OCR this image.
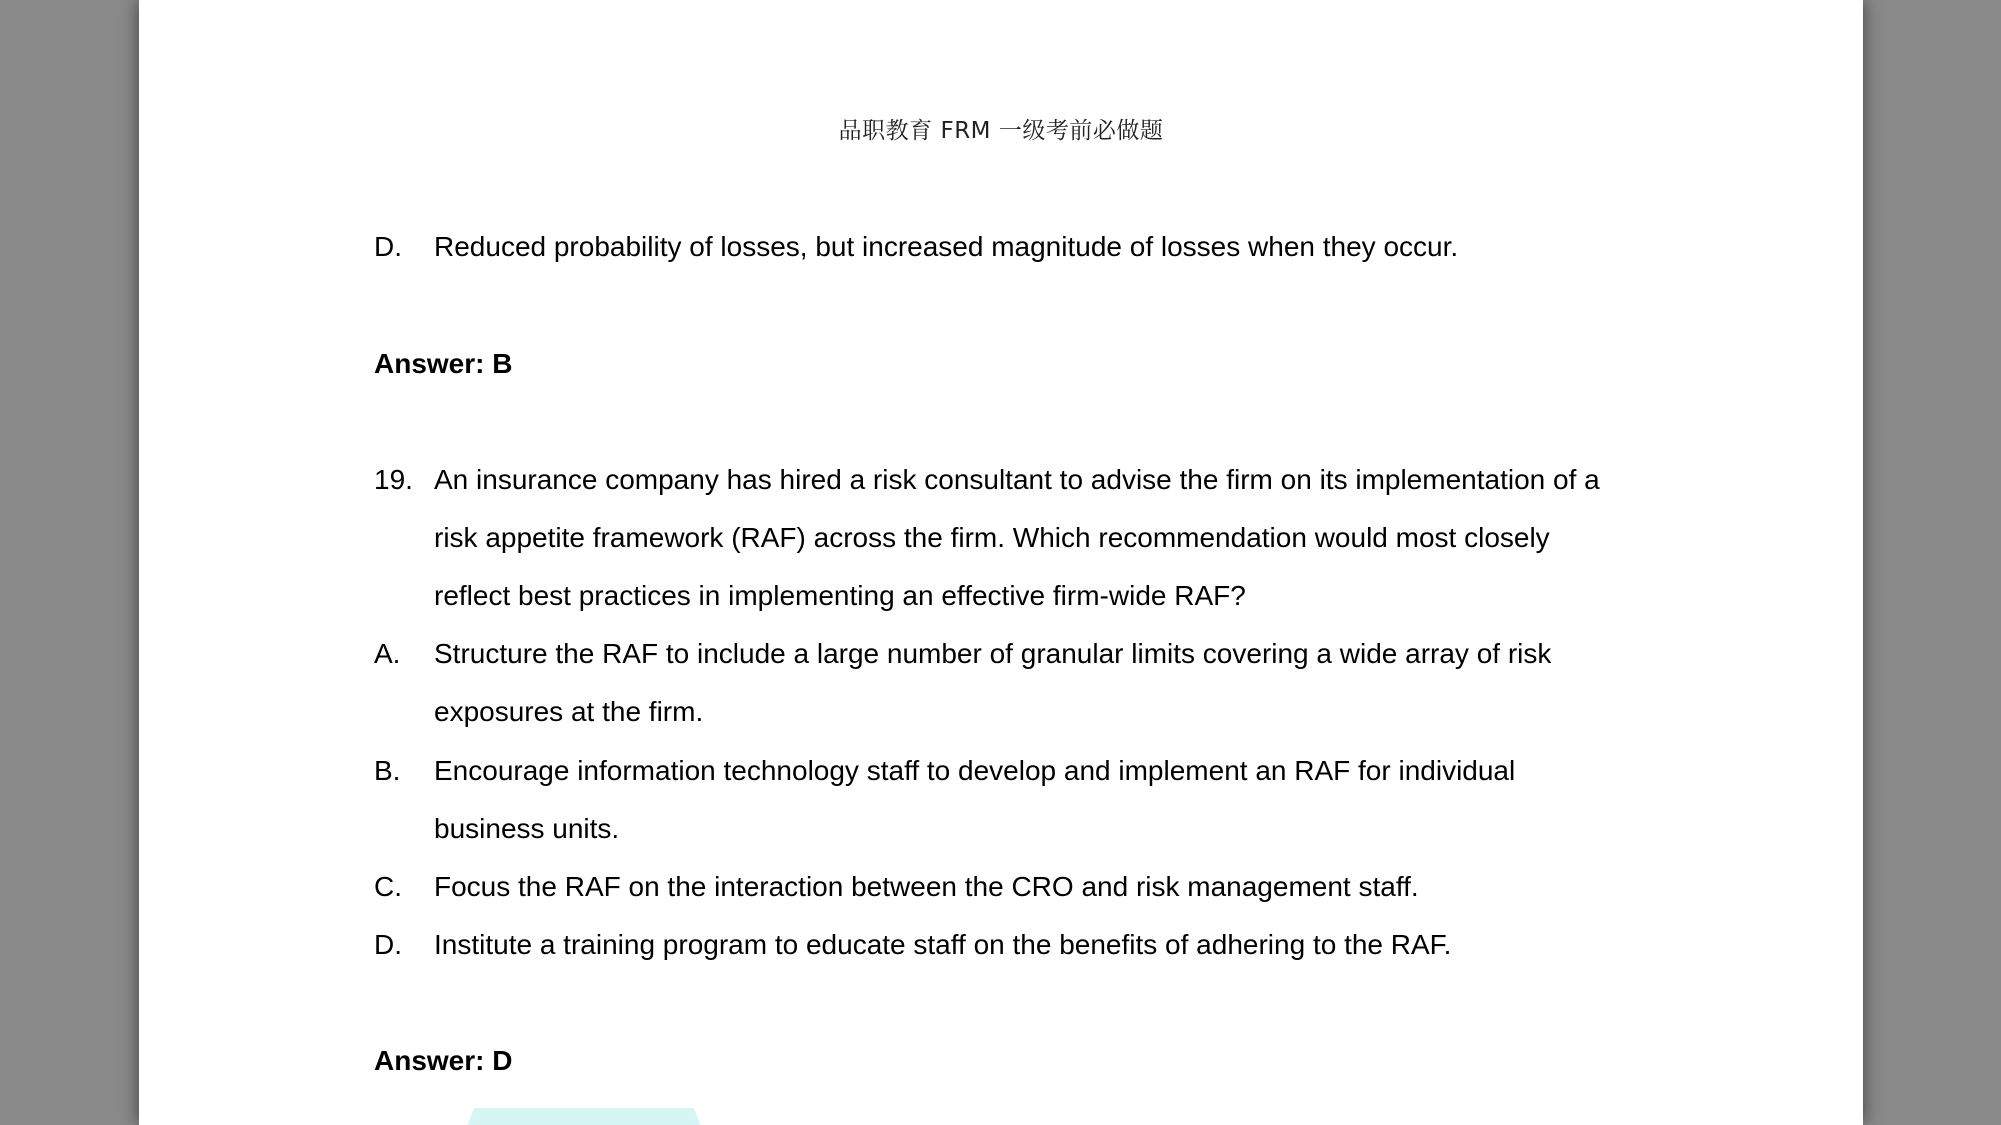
品职教育 FRM 一级考前必做题
D. Reduced probability of losses, but increased magnitude of losses when they occur.
Answer: B
19. An insurance company has hired a risk consultant to advise the firm on its implementation of a
risk appetite framework (RAF) across the firm. Which recommendation would most closely
reflect best practices in implementing an effective firm-wide RAF?
A. Structure the RAF to include a large number of granular limits covering a wide array of risk
exposures at the firm.
B. Encourage information technology staff to develop and implement an RAF for individual
business units.
C. Focus the RAF on the interaction between the CRO and risk management staff.
D. Institute a training program to educate staff on the benefits of adhering to the RAF.
Answer: D
